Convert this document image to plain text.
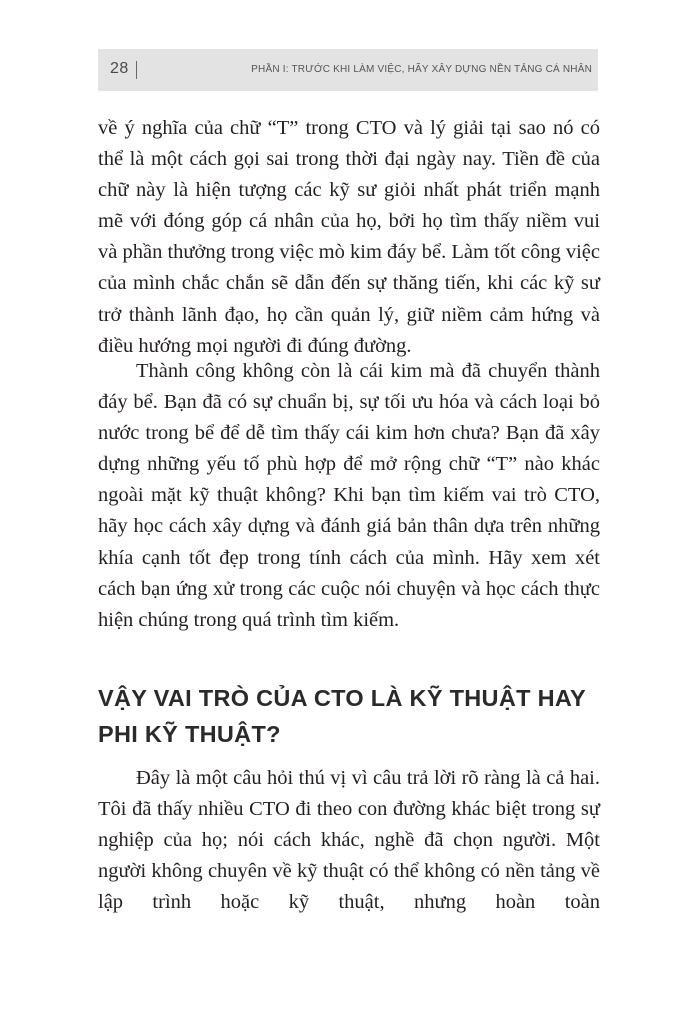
28	PHẦN I: TRƯỚC KHI LÀM VIỆC, HÃY XÂY DỰNG NỀN TẢNG CÁ NHÂN

về ý nghĩa của chữ “T” trong CTO và lý giải tại sao nó có thể là một cách gọi sai trong thời đại ngày nay. Tiền đề của chữ này là hiện tượng các kỹ sư giỏi nhất phát triển mạnh mẽ với đóng góp cá nhân của họ, bởi họ tìm thấy niềm vui và phần thưởng trong việc mò kim đáy bể. Làm tốt công việc của mình chắc chắn sẽ dẫn đến sự thăng tiến, khi các kỹ sư trở thành lãnh đạo, họ cần quản lý, giữ niềm cảm hứng và điều hướng mọi người đi đúng đường.

Thành công không còn là cái kim mà đã chuyển thành đáy bể. Bạn đã có sự chuẩn bị, sự tối ưu hóa và cách loại bỏ nước trong bể để dễ tìm thấy cái kim hơn chưa? Bạn đã xây dựng những yếu tố phù hợp để mở rộng chữ “T” nào khác ngoài mặt kỹ thuật không? Khi bạn tìm kiếm vai trò CTO, hãy học cách xây dựng và đánh giá bản thân dựa trên những khía cạnh tốt đẹp trong tính cách của mình. Hãy xem xét cách bạn ứng xử trong các cuộc nói chuyện và học cách thực hiện chúng trong quá trình tìm kiếm.

VẬY VAI TRÒ CỦA CTO LÀ KỸ THUẬT HAY PHI KỸ THUẬT?

Đây là một câu hỏi thú vị vì câu trả lời rõ ràng là cả hai. Tôi đã thấy nhiều CTO đi theo con đường khác biệt trong sự nghiệp của họ; nói cách khác, nghề đã chọn người. Một người không chuyên về kỹ thuật có thể không có nền tảng về lập trình hoặc kỹ thuật, nhưng hoàn toàn
